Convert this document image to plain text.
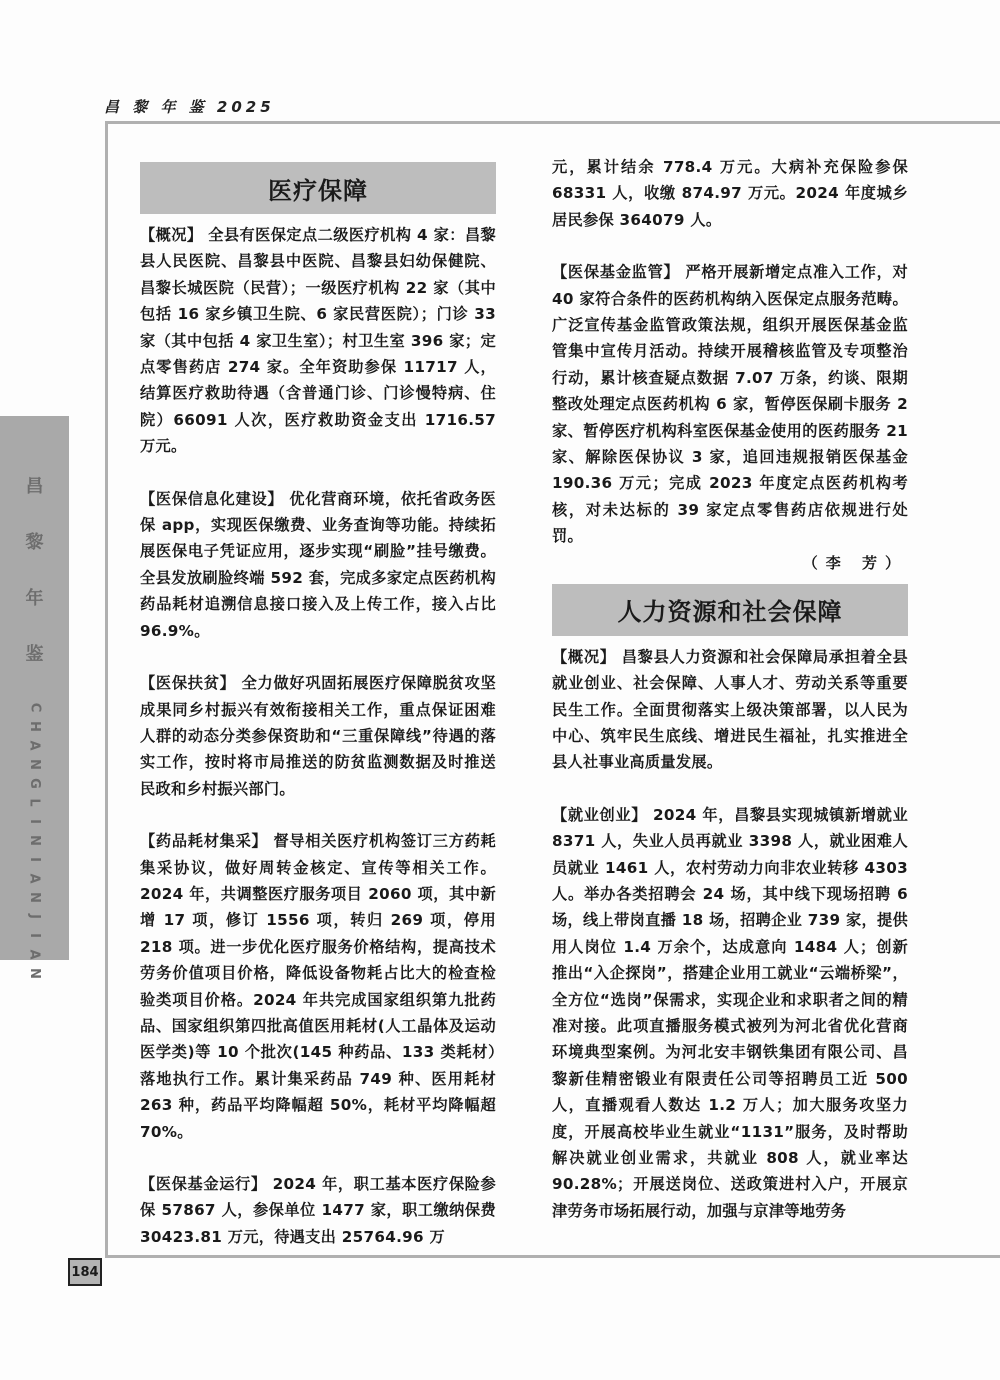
昌 黎 年 鉴 2025
昌
黎
年
鉴
C
H
A
N
G
L
I
N
I
A
N
J
I
A
N
184
医疗保障

【概况】 全县有医保定点二级医疗机构 4 家：昌黎县人民医院、昌黎县中医院、昌黎县妇幼保健院、昌黎长城医院（民营）；一级医疗机构 22 家（其中包括 16 家乡镇卫生院、6 家民营医院）；门诊 33 家（其中包括 4 家卫生室）；村卫生室 396 家；定点零售药店 274 家。全年资助参保 11717 人，结算医疗救助待遇（含普通门诊、门诊慢特病、住院）66091 人次，医疗救助资金支出 1716.57 万元。

【医保信息化建设】 优化营商环境，依托省政务医保 app，实现医保缴费、业务查询等功能。持续拓展医保电子凭证应用，逐步实现“刷脸”挂号缴费。全县发放刷脸终端 592 套，完成多家定点医药机构药品耗材追溯信息接口接入及上传工作，接入占比 96.9%。

【医保扶贫】 全力做好巩固拓展医疗保障脱贫攻坚成果同乡村振兴有效衔接相关工作，重点保证困难人群的动态分类参保资助和“三重保障线”待遇的落实工作，按时将市局推送的防贫监测数据及时推送民政和乡村振兴部门。

【药品耗材集采】 督导相关医疗机构签订三方药耗集采协议，做好周转金核定、宣传等相关工作。2024 年，共调整医疗服务项目 2060 项，其中新增 17 项，修订 1556 项，转归 269 项，停用 218 项。进一步优化医疗服务价格结构，提高技术劳务价值项目价格，降低设备物耗占比大的检查检验类项目价格。2024 年共完成国家组织第九批药品、国家组织第四批高值医用耗材(人工晶体及运动医学类)等 10 个批次(145 种药品、133 类耗材）落地执行工作。累计集采药品 749 种、医用耗材 263 种，药品平均降幅超 50%，耗材平均降幅超 70%。

【医保基金运行】 2024 年，职工基本医疗保险参保 57867 人，参保单位 1477 家，职工缴纳保费 30423.81 万元，待遇支出 25764.96 万

元，累计结余 778.4 万元。大病补充保险参保 68331 人，收缴 874.97 万元。2024 年度城乡居民参保 364079 人。

【医保基金监管】 严格开展新增定点准入工作，对 40 家符合条件的医药机构纳入医保定点服务范畴。广泛宣传基金监管政策法规，组织开展医保基金监管集中宣传月活动。持续开展稽核监管及专项整治行动，累计核查疑点数据 7.07 万条，约谈、限期整改处理定点医药机构 6 家，暂停医保刷卡服务 2 家、暂停医疗机构科室医保基金使用的医药服务 21 家、解除医保协议 3 家，追回违规报销医保基金 190.36 万元；完成 2023 年度定点医药机构考核，对未达标的 39 家定点零售药店依规进行处罚。

（李 芳）
人力资源和社会保障

【概况】 昌黎县人力资源和社会保障局承担着全县就业创业、社会保障、人事人才、劳动关系等重要民生工作。全面贯彻落实上级决策部署，以人民为中心、筑牢民生底线、增进民生福祉，扎实推进全县人社事业高质量发展。

【就业创业】 2024 年，昌黎县实现城镇新增就业 8371 人，失业人员再就业 3398 人，就业困难人员就业 1461 人，农村劳动力向非农业转移 4303 人。举办各类招聘会 24 场，其中线下现场招聘 6 场，线上带岗直播 18 场，招聘企业 739 家，提供用人岗位 1.4 万余个，达成意向 1484 人；创新推出“入企探岗”，搭建企业用工就业“云端桥梁”，全方位“选岗”保需求，实现企业和求职者之间的精准对接。此项直播服务模式被列为河北省优化营商环境典型案例。为河北安丰钢铁集团有限公司、昌黎新佳精密锻业有限责任公司等招聘员工近 500 人，直播观看人数达 1.2 万人；加大服务攻坚力度，开展高校毕业生就业“1131”服务，及时帮助解决就业创业需求，共就业 808 人，就业率达 90.28%；开展送岗位、送政策进村入户，开展京津劳务市场拓展行动，加强与京津等地劳务
